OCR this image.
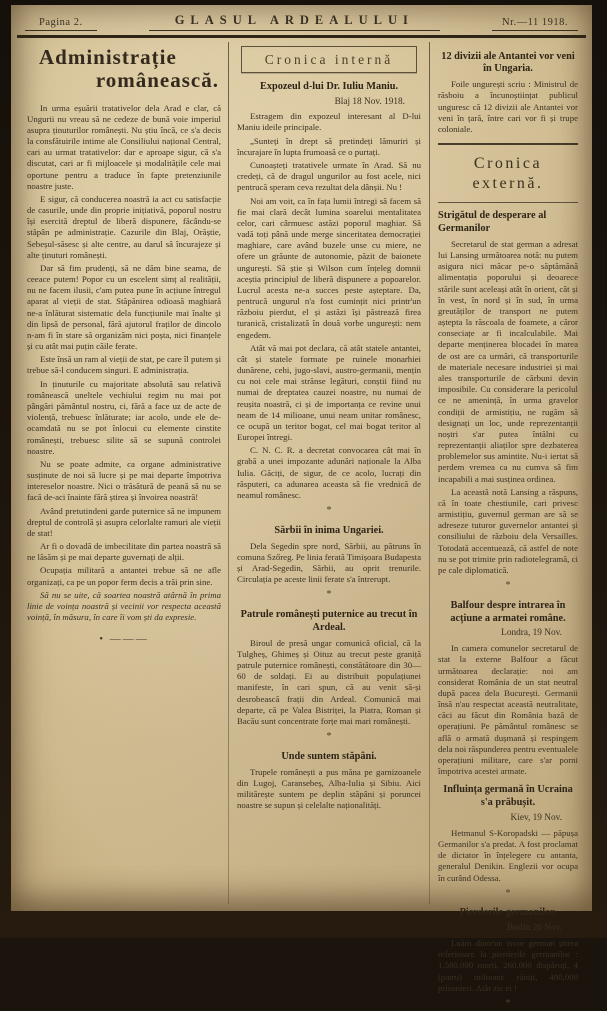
Pagina 2.	GLASUL ARDEALULUI	Nr.—11 1918.
Administrație
românească.

In urma eșuării tratativelor dela Arad e clar, că Ungurii nu vreau să ne cedeze de bună voie imperiul asupra ținuturilor românești. Nu știu încă, ce s'a decis la consfătuirile intime ale Consiliului național Central, cari au urmat tratativelor: dar e aproape sigur, că s'a discutat, cari ar fi mijloacele și modalitățile cele mai oportune pentru a traduce în fapte pretenziunile noastre juste.

E sigur, că conducerea noastră ia act cu satisfacție de casurile, unde din proprie inițiativă, poporul nostru își esercită dreptul de liberă dispunere, făcându-se stăpân pe administrație. Cazurile din Blaj, Orăștie, Sebeșul-săsesc și alte centre, au darul să încurajeze și alte ținuturi românești.

Dar să fim prudenți, să ne dăm bine seama, de ceeace putem! Popor cu un escelent simț al realității, nu ne facem ilusii, c'am putea pune în acțiune întregul aparat al vieții de stat. Stăpănirea odioasă maghiară ne-a înlăturat sistematic dela funcțiunile mai înalte și din lipsă de personal, fără ajutorul fraților de dincolo n-am fi în stare să organizăm nici poșta, nici finanțele și cu atât mai puțin căile ferate.

Este însă un ram al vieții de stat, pe care îl putem și trebue să-l conducem singuri. E administrația.

In ținuturile cu majoritate absolută sau relativă românească uneltele vechiului regim nu mai pot pângări pământul nostru, ci, fără a face uz de acte de violență, trebuesc înlăturate; iar acolo, unde ele de-ocamdată nu se pot înlocui cu elemente cinstite românești, trebuesc silite să se supună controlei noastre.

Nu se poate admite, ca organe administrative susținute de noi să lucre și pe mai departe împotriva intereselor noastre. Nici o trăsătură de peană să nu se facă de-aci înainte fără știrea și învoirea noastră!

Având pretutindeni garde puternice să ne impunem dreptul de controlă și asupra celorlalte ramuri ale vieții de stat!

Ar fi o dovadă de imbecilitate din partea noastră să ne lăsăm și pe mai departe guvernați de alții.

Ocupația militară a antantei trebue să ne afle organizați, ca pe un popor ferm decis a trăi prin sine.

Să nu se uite, că soartea noastră atârnă în prima linie de voința noastră și vecinii vor respecta această voință, în măsura, în care îi vom ști da expresie.

• ———
Cronica internă
Expozeul d-lui Dr. Iuliu Maniu.

Blaj 18 Nov. 1918.

Estragem din expozeul interesant al D-lui Maniu ideile principale.

„Sunteți în drept să pretindeți lămuriri și încurajare în lupta frumoasă ce o purtați.

Cunoașteți tratativele urmate în Arad. Să nu credeți, că de dragul ungurilor au fost acele, nici pentrucă speram ceva rezultat dela dânșii. Nu !

Noi am voit, ca în fața lumii întregi să facem să fie mai clară decât lumina soarelui mentalitatea celor, cari cârmuesc astăzi poporul maghiar. Să vadă toți până unde merge sinceritatea democrației maghiare, care având buzele unse cu miere, ne ofere un grăunte de autonomie, păzit de baionete ungurești. Să știe și Wilson cum înțeleg domnii aceștia principiul de liberă dispunere a popoarelor. Lucrul acesta ne-a succes peste așteptare. Da, pentrucă ungurul n'a fost cumințit nici printr'un războiu pierdut, el și astăzi își păstrează firea turanică, cristalizată în două vorbe ungurești: nem engedem.

Atât vă mai pot declara, că atât statele antantei, cât și statele formate pe ruinele monarhiei dunărene, cehi, jugo-slavi, austro-germanii, mențin cu noi cele mai strănse legături, conștii fiind nu numai de dreptatea cauzei noastre, nu numai de reușita noastră, ci și de importanța ce revine unui neam de 14 milioane, unui neam unitar românesc, ce ocupă un teritor bogat, cel mai bogat teritor al Europei întregi.

C. N. C. R. a decretat convocarea cât mai în grabă a unei impozante adunări naționale la Alba Iulia. Găciți, de sigur, de ce acolo, lucrați din răsputeri, ca adunarea aceasta să fie vrednică de neamul românesc.

*
Sărbii în inima Ungariei.

Dela Segedin spre nord, Sărbii, au pătruns în comuna Szőreg. Pe linia ferată Timișoara Budapesta și Arad-Segedin, Sărbii, au oprit trenurile. Circulația pe aceste linii ferate s'a întrerupt.

*
Patrule românești puternice au trecut în Ardeal.

Biroul de presă ungar comunică oficial, că la Tulgheș, Ghimeș și Oituz au trecut peste graniță patrule puternice românești, constătătoare din 30—60 de soldați. Ei au distribuit populațiunei manifeste, în cari spun, că au venit să-și desrobească frații din Ardeal. Comunică mai departe, că pe Valea Bistriței, la Piatra, Roman și Bacău sunt concentrate forțe mai mari românești.

*
Unde suntem stăpâni.

Trupele românești a pus măna pe garnizoanele din Lugoj, Caransebeș, Alba-Iulia și Sibiu. Aici militărește suntem pe deplin stăpâni și poruncei noastre se supun și celelalte naționalități.

12 divizii ale Antantei vor veni în Ungaria.

Foile ungurești scriu : Ministrul de răsboiu a încunoștiințat publicul unguresc că 12 divizii ale Antantei vor veni în țară, între cari vor fi și trupe coloniale.

Cronica externă.
Strigătul de desperare al Germanilor

Secretarul de stat german a adresat lui Lansing următoarea notă: nu putem asigura nici măcar pe-o săptămănă alimentația poporului și deoarece stările sunt aceleași atât în orient, cât și în vest, în nord și în sud, în urma greutăților de transport ne putem aștepta la răscoala de foamete, a căror conseciațe ar fi incalculabile. Mai departe menținerea blocadei în marea de ost are ca urmări, că transporturile de materiale necesare industriei și mai ales transporturile de cărbuni devin imposibile. Cu considerare la pericolul ce ne amenință, în urma gravelor condiții de armistițiu, ne rugăm să designați un loc, unde reprezentanții noștri s'ar putea întălni cu reprezentanții aliaților spre dezbaterea problemelor sus amintite. Nu-i iertat să perdem vremea ca nu cumva să fim incapabili a mai susținea ordinea.

La această notă Lansing a răspuns, că în toate chestiunile, cari privesc armistițiu, guvernul german are să se adreseze tuturor guvernelor antantei și consiliului de războiu dela Versailles. Totodată accentuează, că astfel de note nu se pot trimite prin radiotelegramă, ci pe cale diplomatică.

*
Balfour despre intrarea în acțiune a armatei române.

Londra, 19 Nov.

In camera comunelor secretarul de stat la externe Balfour a făcut următoarea declarație: noi am considerat România de un stat neutral după pacea dela București. Germanii însă n'au respectat această neutralitate, căci au făcut din România bază de operațiuni. Pe pământul românesc se află o armată dușmană și respingem dela noi răspunderea pentru eventualele operațiuni militare, care s'ar porni împotriva acestei armate.

Influința germană în Ucraina s'a prăbușit.

Kiev, 19 Nov.

Hetmanul S-Koropadski — păpușa Germanilor s'a predat. A fost proclamat de dictator în înțelegere cu antanta, generalul Denikin. Englezii vor ocupa în curând Odessa.

*
Pierderile germanilor.

Berlin 20 Nov.

Luăm dintr'un isvor german știrea referitoare la pierderile germanilor : 1.580.000 morți, 260,000 dispăruți, 4 (patru) milioane răniți, 490,000 prisonieri. Atât zic ei !

*
